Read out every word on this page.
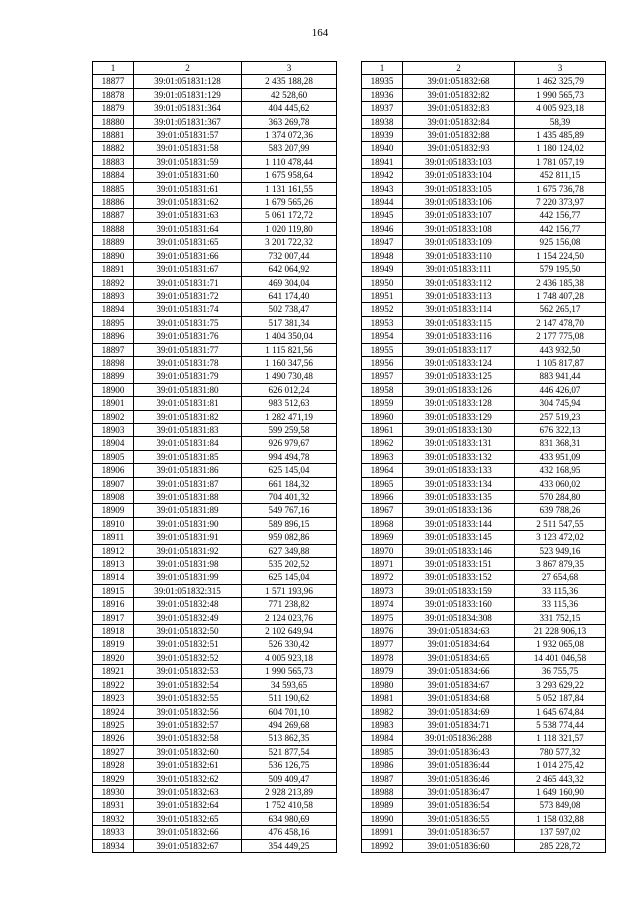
164
1	2	3
18877	39:01:051831:128	2 435 188,28
18878	39:01:051831:129	42 528,60
18879	39:01:051831:364	404 445,62
18880	39:01:051831:367	363 269,78
18881	39:01:051831:57	1 374 072,36
18882	39:01:051831:58	583 207,99
18883	39:01:051831:59	1 110 478,44
18884	39:01:051831:60	1 675 958,64
18885	39:01:051831:61	1 131 161,55
18886	39:01:051831:62	1 679 565,26
18887	39:01:051831:63	5 061 172,72
18888	39:01:051831:64	1 020 119,80
18889	39:01:051831:65	3 201 722,32
18890	39:01:051831:66	732 007,44
18891	39:01:051831:67	642 064,92
18892	39:01:051831:71	469 304,04
18893	39:01:051831:72	641 174,40
18894	39:01:051831:74	502 738,47
18895	39:01:051831:75	517 381,34
18896	39:01:051831:76	1 404 350,04
18897	39:01:051831:77	1 115 821,56
18898	39:01:051831:78	1 160 347,56
18899	39:01:051831:79	1 490 730,48
18900	39:01:051831:80	626 012,24
18901	39:01:051831:81	983 512,63
18902	39:01:051831:82	1 282 471,19
18903	39:01:051831:83	599 259,58
18904	39:01:051831:84	926 979,67
18905	39:01:051831:85	994 494,78
18906	39:01:051831:86	625 145,04
18907	39:01:051831:87	661 184,32
18908	39:01:051831:88	704 401,32
18909	39:01:051831:89	549 767,16
18910	39:01:051831:90	589 896,15
18911	39:01:051831:91	959 082,86
18912	39:01:051831:92	627 349,88
18913	39:01:051831:98	535 202,52
18914	39:01:051831:99	625 145,04
18915	39:01:051832:315	1 571 193,96
18916	39:01:051832:48	771 238,82
18917	39:01:051832:49	2 124 023,76
18918	39:01:051832:50	2 102 649,94
18919	39:01:051832:51	526 330,42
18920	39:01:051832:52	4 005 923,18
18921	39:01:051832:53	1 990 565,73
18922	39:01:051832:54	34 593,65
18923	39:01:051832:55	511 190,62
18924	39:01:051832:56	604 701,10
18925	39:01:051832:57	494 269,68
18926	39:01:051832:58	513 862,35
18927	39:01:051832:60	521 877,54
18928	39:01:051832:61	536 126,75
18929	39:01:051832:62	509 409,47
18930	39:01:051832:63	2 928 213,89
18931	39:01:051832:64	1 752 410,58
18932	39:01:051832:65	634 980,69
18933	39:01:051832:66	476 458,16
18934	39:01:051832:67	354 449,25
1	2	3
18935	39:01:051832:68	1 462 325,79
18936	39:01:051832:82	1 990 565,73
18937	39:01:051832:83	4 005 923,18
18938	39:01:051832:84	58,39
18939	39:01:051832:88	1 435 485,89
18940	39:01:051832:93	1 180 124,02
18941	39:01:051833:103	1 781 057,19
18942	39:01:051833:104	452 811,15
18943	39:01:051833:105	1 675 736,78
18944	39:01:051833:106	7 220 373,97
18945	39:01:051833:107	442 156,77
18946	39:01:051833:108	442 156,77
18947	39:01:051833:109	925 156,08
18948	39:01:051833:110	1 154 224,50
18949	39:01:051833:111	579 195,50
18950	39:01:051833:112	2 436 185,38
18951	39:01:051833:113	1 748 407,28
18952	39:01:051833:114	562 265,17
18953	39:01:051833:115	2 147 478,70
18954	39:01:051833:116	2 177 775,08
18955	39:01:051833:117	443 932,50
18956	39:01:051833:124	1 105 817,87
18957	39:01:051833:125	883 941,44
18958	39:01:051833:126	446 426,07
18959	39:01:051833:128	304 745,94
18960	39:01:051833:129	257 519,23
18961	39:01:051833:130	676 322,13
18962	39:01:051833:131	831 368,31
18963	39:01:051833:132	433 951,09
18964	39:01:051833:133	432 168,95
18965	39:01:051833:134	433 060,02
18966	39:01:051833:135	570 284,80
18967	39:01:051833:136	639 788,26
18968	39:01:051833:144	2 511 547,55
18969	39:01:051833:145	3 123 472,02
18970	39:01:051833:146	523 949,16
18971	39:01:051833:151	3 867 879,35
18972	39:01:051833:152	27 654,68
18973	39:01:051833:159	33 115,36
18974	39:01:051833:160	33 115,36
18975	39:01:051834:308	331 752,15
18976	39:01:051834:63	21 228 906,13
18977	39:01:051834:64	1 932 065,08
18978	39:01:051834:65	14 401 046,58
18979	39:01:051834:66	36 755,75
18980	39:01:051834:67	3 293 629,22
18981	39:01:051834:68	5 052 187,84
18982	39:01:051834:69	1 645 674,84
18983	39:01:051834:71	5 538 774,44
18984	39:01:051836:288	1 118 321,57
18985	39:01:051836:43	780 577,32
18986	39:01:051836:44	1 014 275,42
18987	39:01:051836:46	2 465 443,32
18988	39:01:051836:47	1 649 160,90
18989	39:01:051836:54	573 849,08
18990	39:01:051836:55	1 158 032,88
18991	39:01:051836:57	137 597,02
18992	39:01:051836:60	285 228,72
